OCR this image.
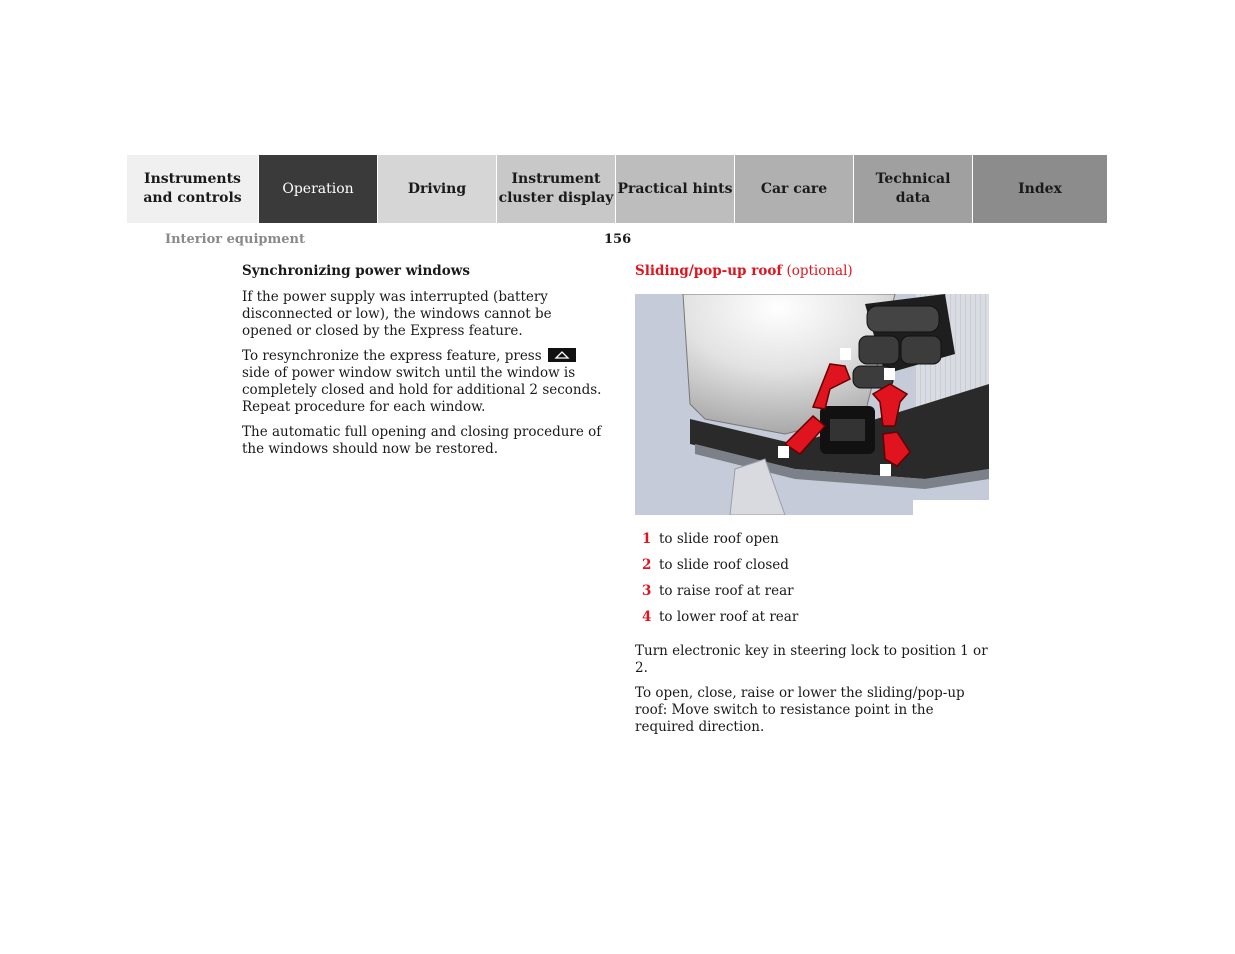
Instruments
and controls
Operation	Driving
Instrument
cluster display
Practical hints	Car care
Technical
data
Index
Interior equipment	156
Synchronizing power windows

If the power supply was interrupted (battery disconnected or low), the windows cannot be opened or closed by the Express feature.

To resynchronize the express feature, press
side of power window switch until the window is completely closed and hold for additional 2 seconds. Repeat procedure for each window.

The automatic full opening and closing procedure of the windows should now be restored.

Sliding/pop-up roof (optional)

1 to slide roof open
2 to slide roof closed
3 to raise roof at rear
4 to lower roof at rear

Turn electronic key in steering lock to position 1 or 2.

To open, close, raise or lower the sliding/pop-up roof: Move switch to resistance point in the required direction.
